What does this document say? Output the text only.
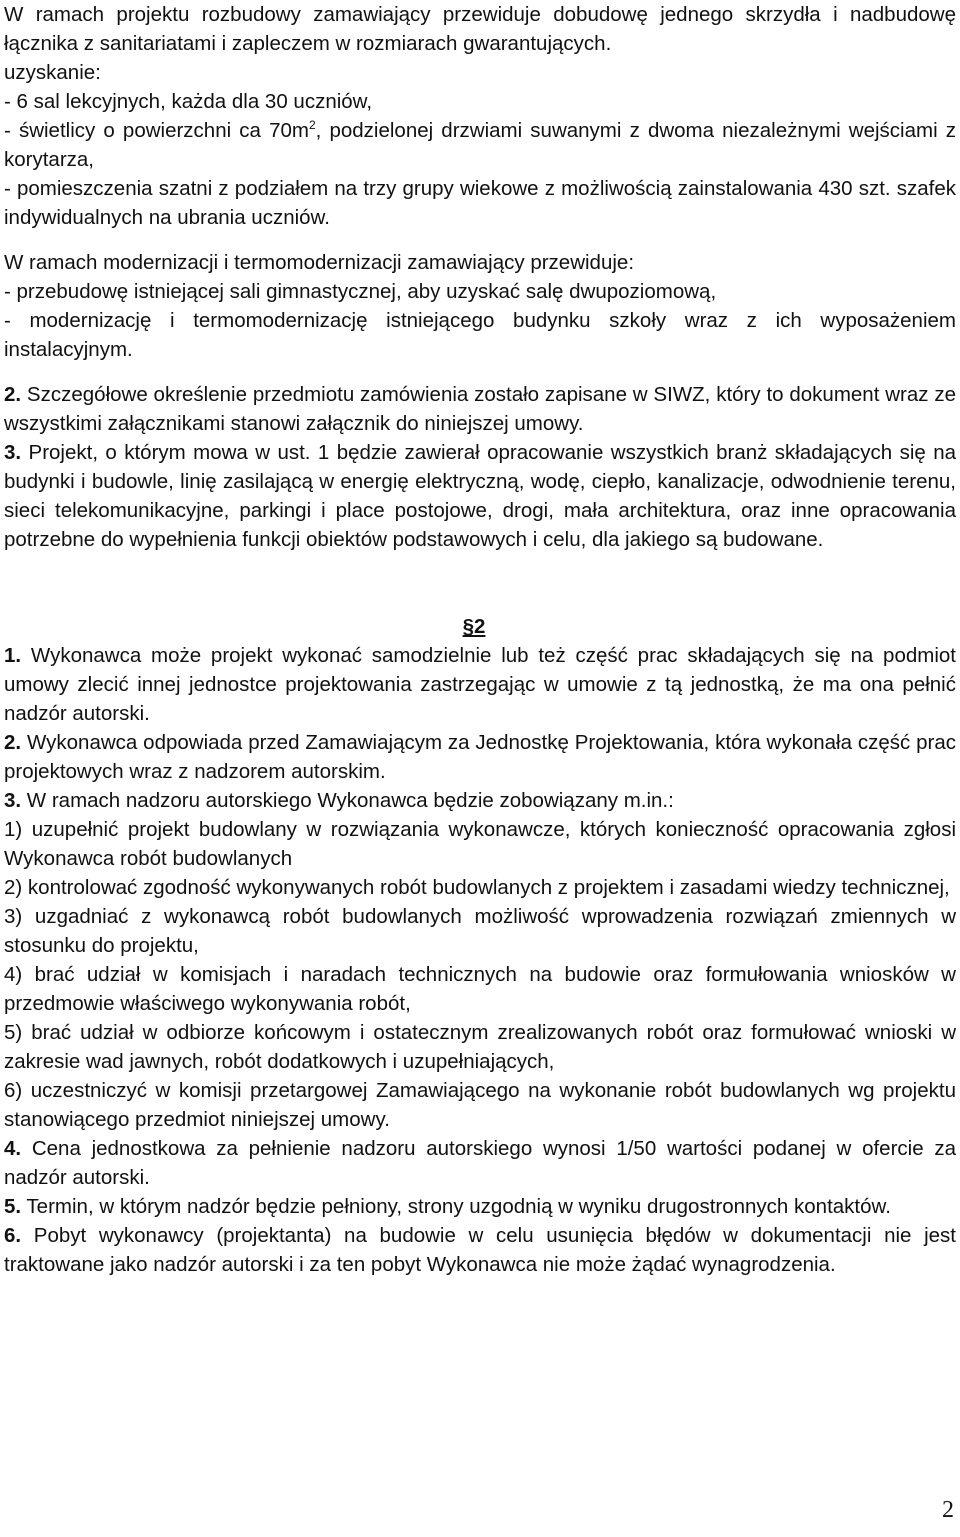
W ramach projektu rozbudowy zamawiający przewiduje dobudowę jednego skrzydła i nadbudowę łącznika z sanitariatami i zapleczem w rozmiarach gwarantujących.

uzyskanie:

- 6 sal lekcyjnych, każda dla 30 uczniów,

- świetlicy o powierzchni ca $70m^2$, podzielonej drzwiami suwanymi z dwoma niezależnymi wejściami z korytarza,

- pomieszczenia szatni z podziałem na trzy grupy wiekowe z możliwością zainstalowania 430 szt. szafek indywidualnych na ubrania uczniów.

W ramach modernizacji i termomodernizacji zamawiający przewiduje:

- przebudowę istniejącej sali gimnastycznej, aby uzyskać salę dwupoziomową,

- modernizację i termomodernizację istniejącego budynku szkoły wraz z ich wyposażeniem instalacyjnym.

2. Szczegółowe określenie przedmiotu zamówienia zostało zapisane w SIWZ, który to dokument wraz ze wszystkimi załącznikami stanowi załącznik do niniejszej umowy.

3. Projekt, o którym mowa w ust. 1 będzie zawierał opracowanie wszystkich branż składających się na budynki i budowle, linię zasilającą w energię elektryczną, wodę, ciepło, kanalizacje, odwodnienie terenu, sieci telekomunikacyjne, parkingi i place postojowe, drogi, mała architektura, oraz inne opracowania potrzebne do wypełnienia funkcji obiektów podstawowych i celu, dla jakiego są budowane.

§2

1. Wykonawca może projekt wykonać samodzielnie lub też część prac składających się na podmiot umowy zlecić innej jednostce projektowania zastrzegając w umowie z tą jednostką, że ma ona pełnić nadzór autorski.

2. Wykonawca odpowiada przed Zamawiającym za Jednostkę Projektowania, która wykonała część prac projektowych wraz z nadzorem autorskim.

3. W ramach nadzoru autorskiego Wykonawca będzie zobowiązany m.in.:

1) uzupełnić projekt budowlany w rozwiązania wykonawcze, których konieczność opracowania zgłosi Wykonawca robót budowlanych

2) kontrolować zgodność wykonywanych robót budowlanych z projektem i zasadami wiedzy technicznej,

3) uzgadniać z wykonawcą robót budowlanych możliwość wprowadzenia rozwiązań zmiennych w stosunku do projektu,

4) brać udział w komisjach i naradach technicznych na budowie oraz formułowania wniosków w przedmowie właściwego wykonywania robót,

5) brać udział w odbiorze końcowym i ostatecznym zrealizowanych robót oraz formułować wnioski w zakresie wad jawnych, robót dodatkowych i uzupełniających,

6) uczestniczyć w komisji przetargowej Zamawiającego na wykonanie robót budowlanych wg projektu stanowiącego przedmiot niniejszej umowy.

4. Cena jednostkowa za pełnienie nadzoru autorskiego wynosi 1/50 wartości podanej w ofercie za nadzór autorski.

5. Termin, w którym nadzór będzie pełniony, strony uzgodnią w wyniku drugostronnych kontaktów.

6. Pobyt wykonawcy (projektanta) na budowie w celu usunięcia błędów w dokumentacji nie jest traktowane jako nadzór autorski i za ten pobyt Wykonawca nie może żądać wynagrodzenia.

2
